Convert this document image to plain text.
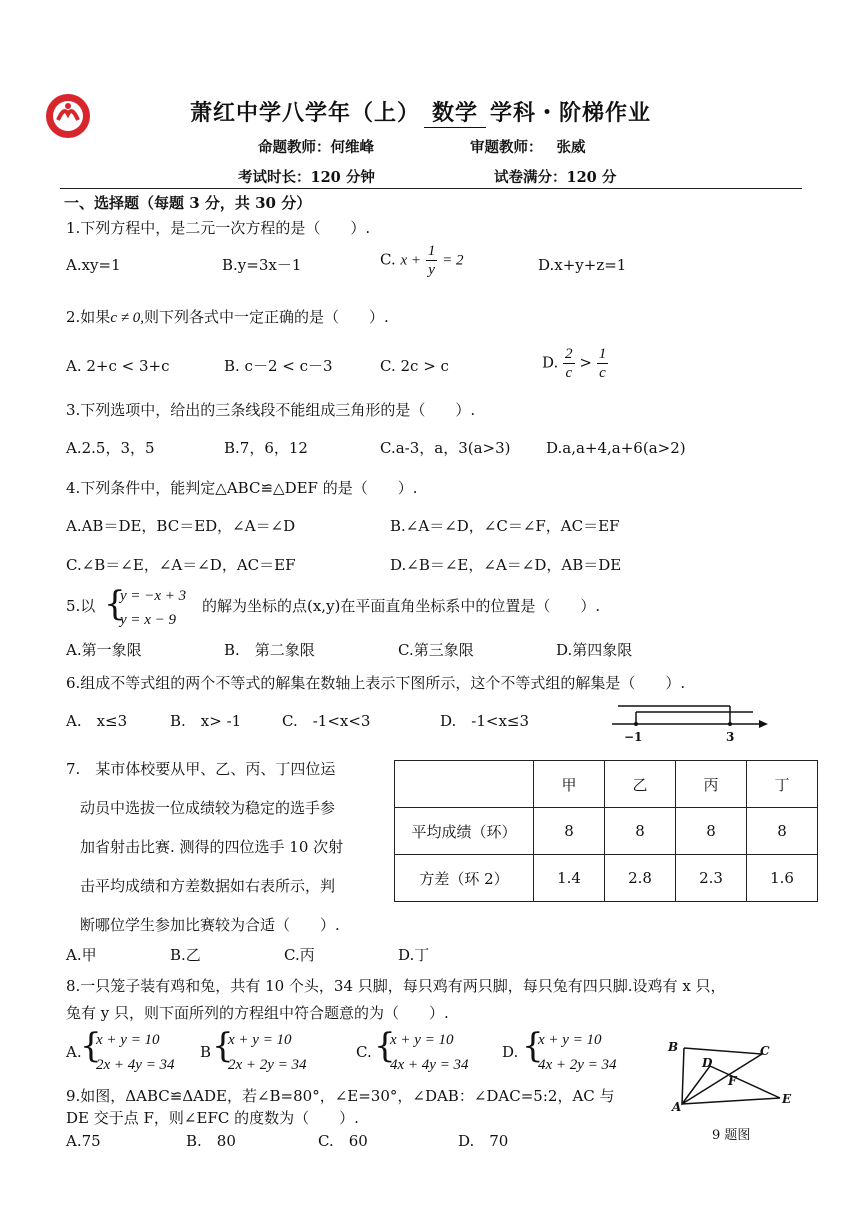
萧红中学八学年（上） 数学 学科・阶梯作业
命题教师：何维峰	审题教师： 张威
考试时长：120 分钟	试卷满分：120 分
一、选择题（每题 3 分，共 30 分）
1.下列方程中，是二元一次方程的是（　　）.
A.xy=1	B.y=3x－1	C. $x + \frac{1}{y} = 2$	D.x+y+z=1
2.如果c ≠ 0,则下列各式中一定正确的是（　　）.
A. 2+c < 3+c	B. c－2 < c－3	C. 2c > c	D. $\frac{2}{c} > \frac{1}{c}$
3.下列选项中，给出的三条线段不能组成三角形的是（　　）.
A.2.5，3，5	B.7，6，12	C.a-3，a，3(a>3) D.a,a+4,a+6(a>2)
4.下列条件中，能判定△ABC≌△DEF 的是（　　）.
A.AB＝DE，BC＝ED，∠A＝∠D	B.∠A＝∠D，∠C＝∠F，AC＝EF
C.∠B＝∠E，∠A＝∠D，AC＝EF	D.∠B＝∠E，∠A＝∠D，AB＝DE
5.以 {
y = −x + 3
y = x − 9
的解为坐标的点(x,y)在平面直角坐标系中的位置是（　　）.
A.第一象限	B.　第二象限	C.第三象限	D.第四象限
6.组成不等式组的两个不等式的解集在数轴上表示下图所示，这个不等式组的解集是（　　）.
A.　x≤3	B.　x> -1	C.　-1<x<3	D.　-1<x≤3
−1	3
7.　某市体校要从甲、乙、丙、丁四位运
动员中选拔一位成绩较为稳定的选手参
加省射击比赛. 测得的四位选手 10 次射
击平均成绩和方差数据如右表所示，判
断哪位学生参加比赛较为合适（　　）.
	甲	乙	丙	丁
平均成绩（环）	8	8	8	8
方差（环 2）	1.4	2.8	2.3	1.6
A.甲	B.乙	C.丙	D.丁
8.一只笼子装有鸡和兔，共有 10 个头，34 只脚，每只鸡有两只脚，每只兔有四只脚.设鸡有 x 只，
兔有 y 只，则下面所列的方程组中符合题意的为（　　）.
A.
{
x + y = 10
2x + 4y = 34
B {
x + y = 10
2x + 2y = 34
C. {
x + y = 10
4x + 4y = 34
D. {
x + y = 10
4x + 2y = 34
9.如图，ΔABC≌ΔADE，若∠B=80°，∠E=30°，∠DAB：∠DAC=5:2，AC 与
DE 交于点 F，则∠EFC 的度数为（　　）.
A.75	B.　80	C.　60	D.　70
B	C
D
F
A
E
9 题图
